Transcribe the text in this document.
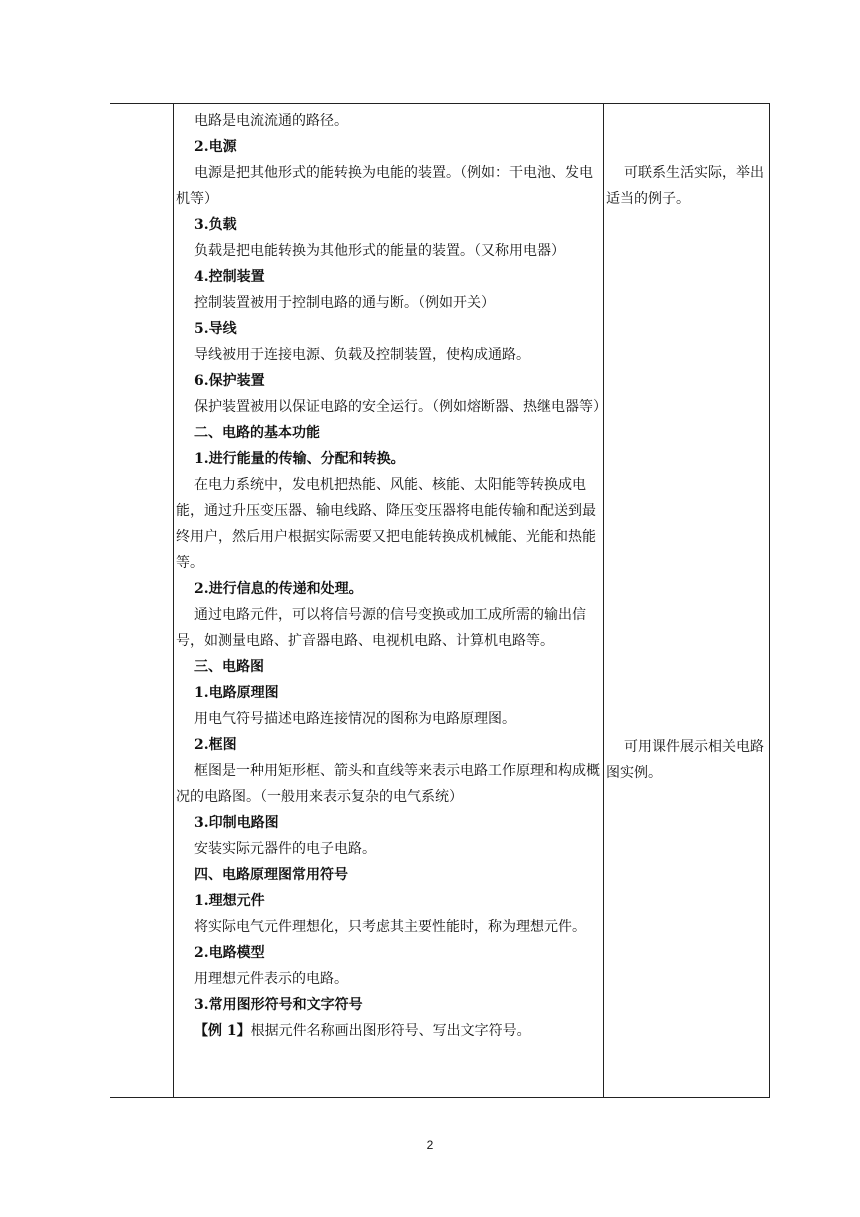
电路是电流流通的路径。

2.电源

电源是把其他形式的能转换为电能的装置。（例如：干电池、发电机等）

3.负载

负载是把电能转换为其他形式的能量的装置。（又称用电器）

4.控制装置

控制装置被用于控制电路的通与断。（例如开关）

5.导线

导线被用于连接电源、负载及控制装置，使构成通路。

6.保护装置

保护装置被用以保证电路的安全运行。（例如熔断器、热继电器等）

二、电路的基本功能

1.进行能量的传输、分配和转换。

在电力系统中，发电机把热能、风能、核能、太阳能等转换成电能，通过升压变压器、输电线路、降压变压器将电能传输和配送到最终用户，然后用户根据实际需要又把电能转换成机械能、光能和热能等。

2.进行信息的传递和处理。

通过电路元件，可以将信号源的信号变换或加工成所需的输出信号，如测量电路、扩音器电路、电视机电路、计算机电路等。

三、电路图

1.电路原理图

用电气符号描述电路连接情况的图称为电路原理图。

2.框图

框图是一种用矩形框、箭头和直线等来表示电路工作原理和构成概况的电路图。（一般用来表示复杂的电气系统）

3.印制电路图

安装实际元器件的电子电路。

四、电路原理图常用符号

1.理想元件

将实际电气元件理想化，只考虑其主要性能时，称为理想元件。

2.电路模型

用理想元件表示的电路。

3.常用图形符号和文字符号

【例 1】根据元件名称画出图形符号、写出文字符号。

可联系生活实际，举出适当的例子。

可用课件展示相关电路图实例。

2
